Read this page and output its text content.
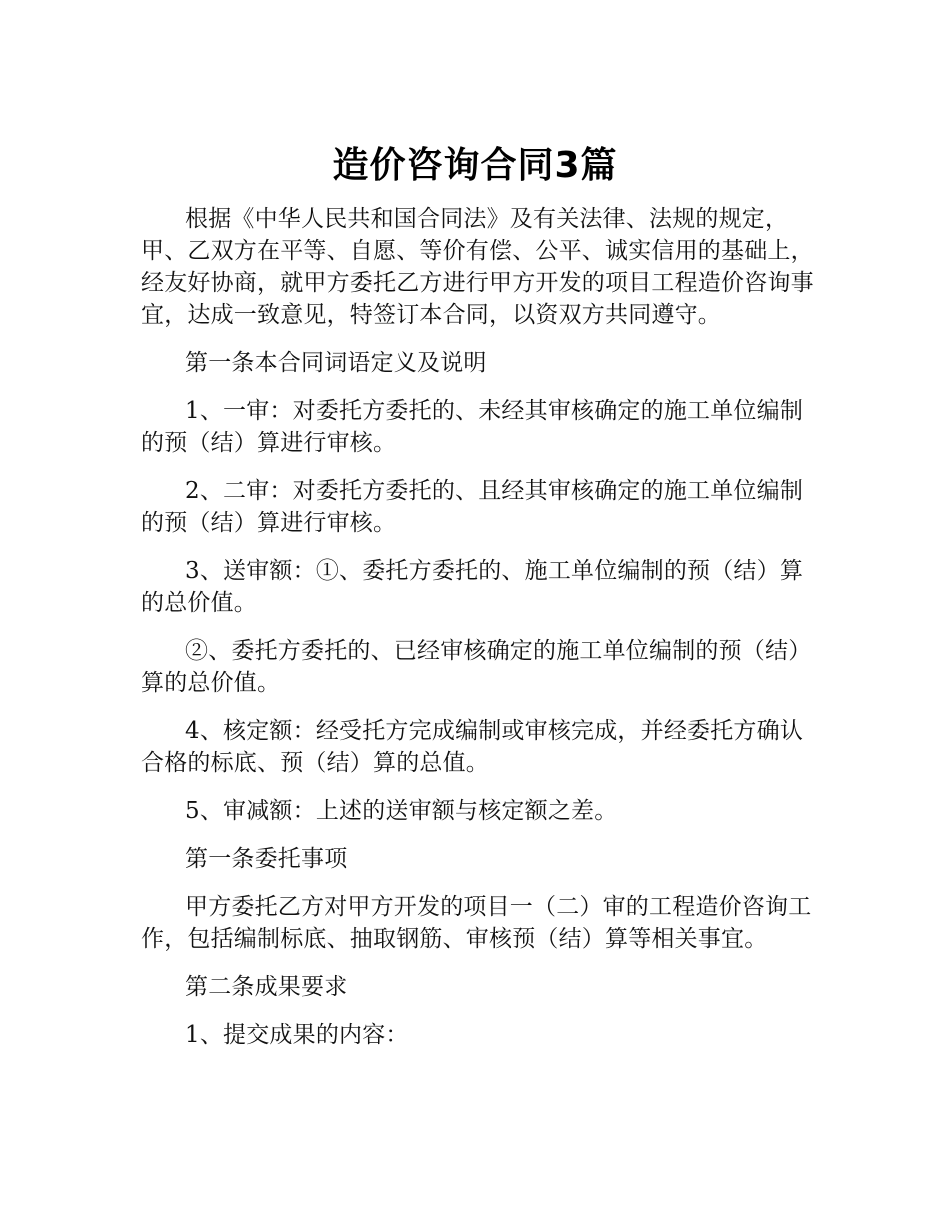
造价咨询合同3篇

根据《中华人民共和国合同法》及有关法律、法规的规定，甲、乙双方在平等、自愿、等价有偿、公平、诚实信用的基础上，经友好协商，就甲方委托乙方进行甲方开发的项目工程造价咨询事宜，达成一致意见，特签订本合同，以资双方共同遵守。

第一条本合同词语定义及说明

1、一审：对委托方委托的、未经其审核确定的施工单位编制的预（结）算进行审核。

2、二审：对委托方委托的、且经其审核确定的施工单位编制的预（结）算进行审核。

3、送审额：①、委托方委托的、施工单位编制的预（结）算的总价值。

②、委托方委托的、已经审核确定的施工单位编制的预（结）算的总价值。

4、核定额：经受托方完成编制或审核完成，并经委托方确认合格的标底、预（结）算的总值。

5、审减额：上述的送审额与核定额之差。

第一条委托事项

甲方委托乙方对甲方开发的项目一（二）审的工程造价咨询工作，包括编制标底、抽取钢筋、审核预（结）算等相关事宜。

第二条成果要求

1、提交成果的内容：
